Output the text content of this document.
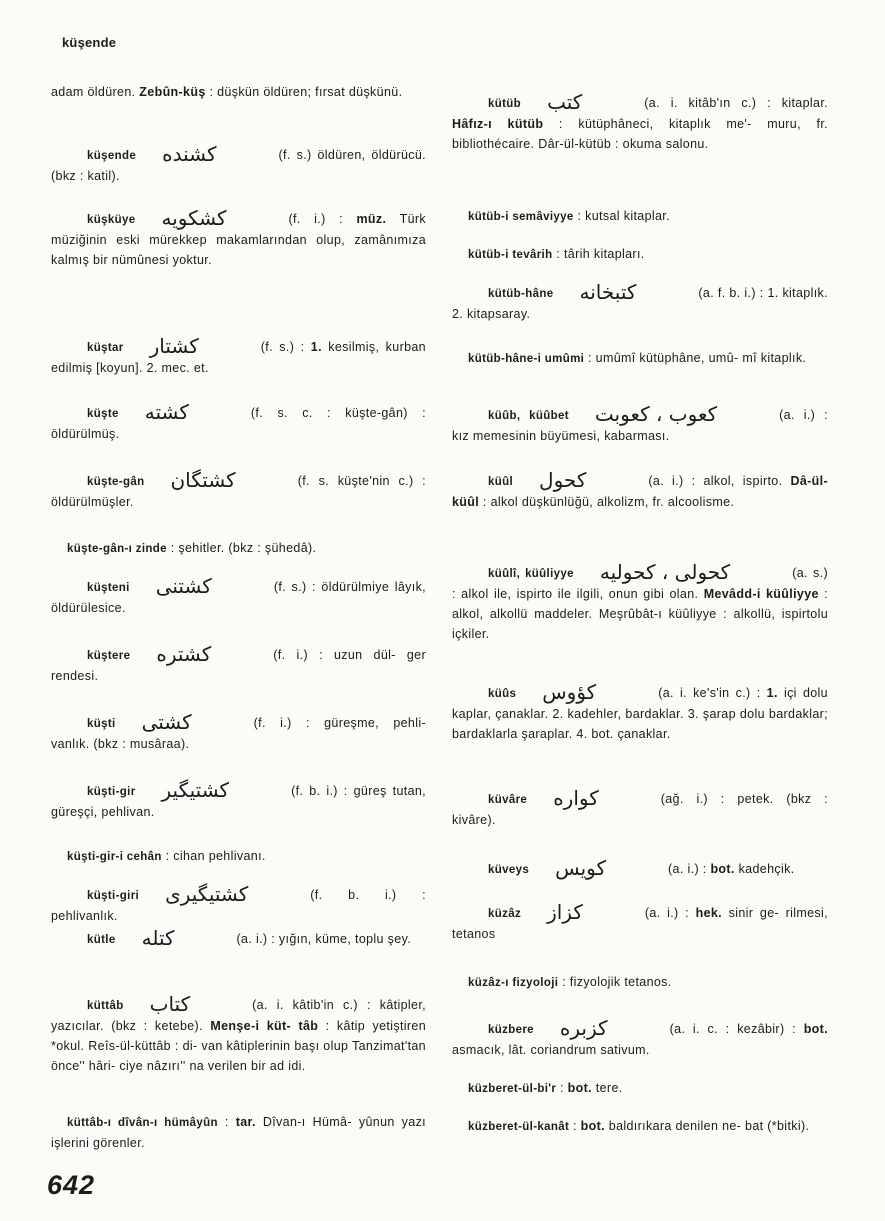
küşende
adam öldüren. Zebûn-küş : düşkün öldüren; fırsat düşkünü.
küşende کشنده	(f. s.) öldüren, öldürücü. (bkz : katil).
küşküye کشکویه	(f. i.) : müz. Türk müziğinin eski mürekkep makamlarından olup, zamânımıza kalmış bir nümûnesi yoktur.
küştar کشتار	(f. s.) : 1. kesilmiş, kurban edilmiş [koyun]. 2. mec. et.
küşte کشته	(f. s. c. : küşte-gân) : öldürülmüş.
küşte-gân کشتگان	(f. s. küşte'nin c.) : öldürülmüşler.
küşte-gân-ı zinde : şehitler. (bkz : şühedâ).
küşteni کشتنی	(f. s.) : öldürülmiye lâyık, öldürülesice.
küştere کشتره	(f. i.) : uzun dül- ger rendesi.
küşti کشتی	(f. i.) : güreşme, pehli- vanlık. (bkz : musâraa).
küşti-gir کشتیگیر	(f. b. i.) : güreş tutan, güreşçi, pehlivan.
küşti-gir-i cehân : cihan pehlivanı.
küşti-giri کشتیگیری	(f. b. i.) : pehlivanlık.
kütle کتله	(a. i.) : yığın, küme, toplu şey.
küttâb کتاب	(a. i. kâtib'in c.) : kâtipler, yazıcılar. (bkz : ketebe). Menşe-i küt- tâb : kâtip yetiştiren *okul. Reîs-ül-küttâb : di- van kâtiplerinin başı olup Tanzimat'tan önce'' hâri- ciye nâzırı'' na verilen bir ad idi.
küttâb-ı dîvân-ı hümâyûn : tar. Dîvan-ı Hümâ- yûnun yazı işlerini görenler.
kütüb کتب	(a. i. kitâb'ın c.) : kitaplar. Hâfız-ı kütüb : kütüphâneci, kitaplık me'- muru, fr. bibliothécaire. Dâr-ül-kütüb : okuma salonu.
kütüb-i semâviyye : kutsal kitaplar.
kütüb-i tevârih : târih kitapları.
kütüb-hâne کتبخانه	(a. f. b. i.) : 1. kitaplık. 2. kitapsaray.
kütüb-hâne-i umûmi : umûmî kütüphâne, umû- mî kitaplık.
küûb, küûbet کعوب ، کعوبت	(a. i.) : kız memesinin büyümesi, kabarması.
küûl کحول	(a. i.) : alkol, ispirto. Dâ-ül-küûl : alkol düşkünlüğü, alkolizm, fr. alcoolisme.
küûlî, küûliyye کحولی ، کحولیه	(a. s.) : alkol ile, ispirto ile ilgili, onun gibi olan. Mevâdd-i küûliyye : alkol, alkollü maddeler. Meşrûbât-ı küûliyye : alkollü, ispirtolu içkiler.
küûs کؤوس	(a. i. ke's'in c.) : 1. içi dolu kaplar, çanaklar. 2. kadehler, bardaklar. 3. şarap dolu bardaklar; bardaklarla şaraplar. 4. bot. çanaklar.
küvâre کواره	(ağ. i.) : petek. (bkz : kivâre).
küveys کویس	(a. i.) : bot. kadehçik.
küzâz کزاز	(a. i.) : hek. sinir ge- rilmesi, tetanos
küzâz-ı fizyoloji : fizyolojik tetanos.
küzbere کزبره	(a. i. c. : kezâbir) : bot. asmacık, lât. coriandrum sativum.
küzberet-ül-bi'r : bot. tere.
küzberet-ül-kanât : bot. baldırıkara denilen ne- bat (*bitki).
642
